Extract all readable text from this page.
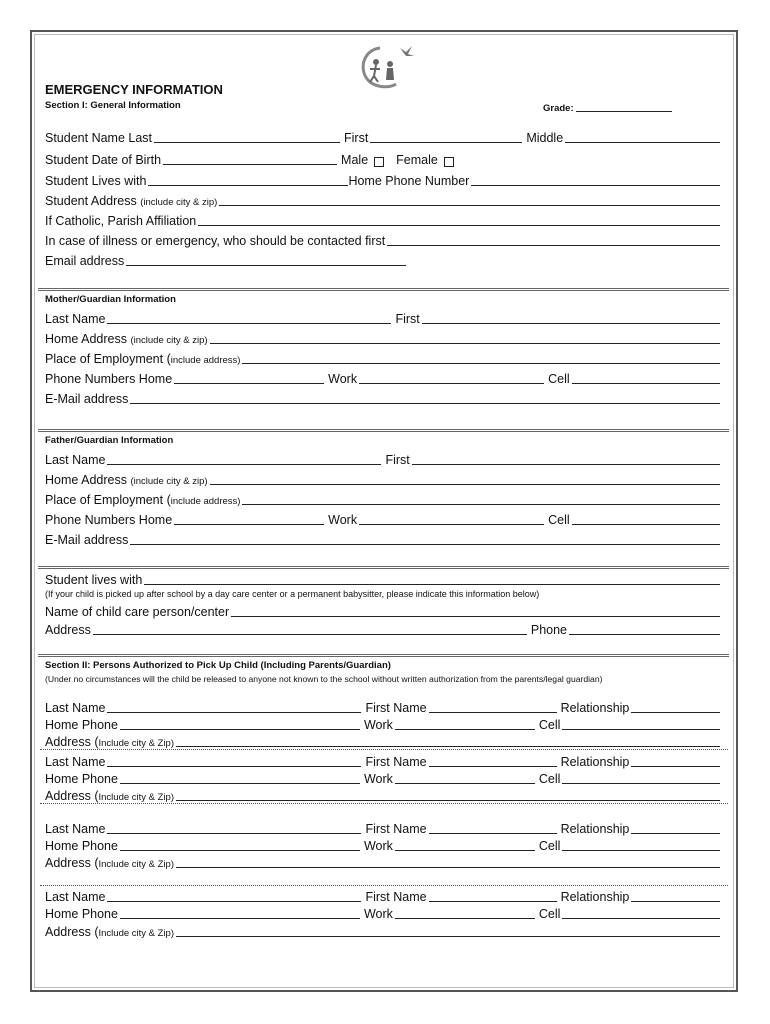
EMERGENCY INFORMATION
Section I: General Information	Grade:
Student Name Last	First	Middle
Student Date of Birth	Male Female
Student Lives with	Home Phone Number
Student Address (include city & zip)
If Catholic, Parish Affiliation
In case of illness or emergency, who should be contacted first
Email address
Mother/Guardian Information
Last Name	First
Home Address (include city & zip)
Place of Employment (include address)
Phone Numbers Home	Work	Cell
E-Mail address
Father/Guardian Information
Last Name	First
Home Address (include city & zip)
Place of Employment (include address)
Phone Numbers Home	Work	Cell
E-Mail address
Student lives with
(If your child is picked up after school by a day care center or a permanent babysitter, please indicate this information below)
Name of child care person/center
Address	Phone
Section II: Persons Authorized to Pick Up Child (Including Parents/Guardian)
(Under no circumstances will the child be released to anyone not known to the school without written authorization from the parents/legal guardian)
Last Name	First Name	Relationship
Home Phone	Work	Cell
Address (Include city & Zip)
Last Name	First Name	Relationship
Home Phone	Work	Cell
Address (Include city & Zip)
Last Name	First Name	Relationship
Home Phone	Work	Cell
Address (Include city & Zip)
Last Name	First Name	Relationship
Home Phone	Work	Cell
Address (Include city & Zip)
